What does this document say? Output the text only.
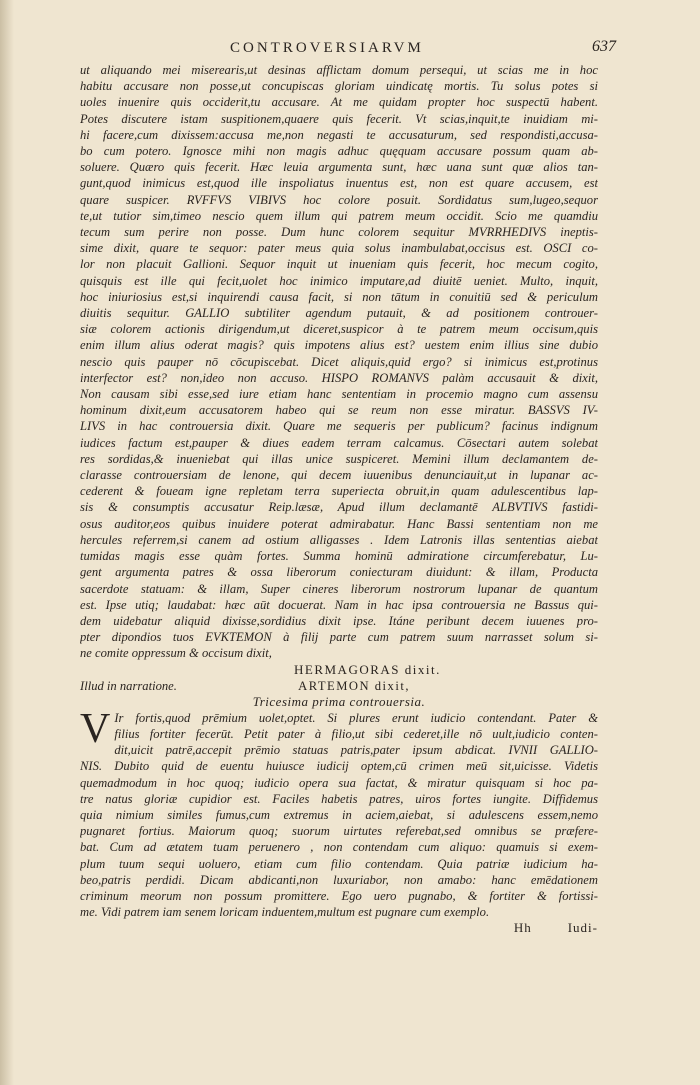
CONTROVERSIARVM	637
ut aliquando mei miserearis,ut desinas afflictam domum persequi, ut scias me in hoc
habitu accusare non posse,ut concupiscas gloriam uindicatę mortis. Tu solus potes si
uoles inuenire quis occiderit,tu accusare. At me quidam propter hoc suspectū habent.
Potes discutere istam suspitionem,quaere quis fecerit. Vt scias,inquit,te inuidiam mi-
hi facere,cum dixissem:accusa me,non negasti te accusaturum, sed respondisti,accusa-
bo cum potero. Ignosce mihi non magis adhuc quęquam accusare possum quam ab-
soluere. Quæro quis fecerit. Hæc leuia argumenta sunt, hæc uana sunt quæ alios tan-
gunt,quod inimicus est,quod ille inspoliatus inuentus est, non est quare accusem, est
quare suspicer. RVFFVS VIBIVS hoc colore posuit. Sordidatus sum,lugeo,sequor
te,ut tutior sim,timeo nescio quem illum qui patrem meum occidit. Scio me quamdiu
tecum sum perire non posse. Dum hunc colorem sequitur MVRRHEDIVS ineptis-
sime dixit, quare te sequor: pater meus quia solus inambulabat,occisus est. OSCI co-
lor non placuit Gallioni. Sequor inquit ut inueniam quis fecerit, hoc mecum cogito,
quisquis est ille qui fecit,uolet hoc inimico imputare,ad diuitē ueniet. Multo, inquit,
hoc iniuriosius est,si inquirendi causa facit, si non tātum in conuitiū sed & periculum
diuitis sequitur. GALLIO subtiliter agendum putauit, & ad positionem controuer-
siæ colorem actionis dirigendum,ut diceret,suspicor à te patrem meum occisum,quis
enim illum alius oderat magis? quis impotens alius est? uestem enim illius sine dubio
nescio quis pauper nō cōcupiscebat. Dicet aliquis,quid ergo? si inimicus est,protinus
interfector est? non,ideo non accuso. HISPO ROMANVS palàm accusauit & dixit,
Non causam sibi esse,sed iure etiam hanc sententiam in procemio magno cum assensu
hominum dixit,eum accusatorem habeo qui se reum non esse miratur. BASSVS IV-
LIVS in hac controuersia dixit. Quare me sequeris per publicum? facinus indignum
iudices factum est,pauper & diues eadem terram calcamus. Cōsectari autem solebat
res sordidas,& inueniebat qui illas unice suspiceret. Memini illum declamantem de-
clarasse controuersiam de lenone, qui decem iuuenibus denunciauit,ut in lupanar ac-
cederent & foueam igne repletam terra superiecta obruit,in quam adulescentibus lap-
sis & consumptis accusatur Reip.læsæ, Apud illum declamantē ALBVTIVS fastidi-
osus auditor,eos quibus inuidere poterat admirabatur. Hanc Bassi sententiam non me
hercules referrem,si canem ad ostium alligasses . Idem Latronis illas sententias aiebat
tumidas magis esse quàm fortes. Summa hominū admiratione circumferebatur, Lu-
gent argumenta patres & ossa liberorum coniecturam diuidunt: & illam, Producta
sacerdote statuam: & illam, Super cineres liberorum nostrorum lupanar de quantum
est. Ipse utiq; laudabat: hæc aūt docuerat. Nam in hac ipsa controuersia ne Bassus qui-
dem uidebatur aliquid dixisse,sordidius dixit ipse. Itáne peribunt decem iuuenes pro-
pter dipondios tuos EVKTEMON à filij parte cum patrem suum narrasset solum si-
ne comite oppressum & occisum dixit,
HERMAGORAS dixit.
Illud in narratione.	ARTEMON dixit,
Tricesima prima controuersia.
V Ir fortis,quod prēmium uolet,optet. Si plures erunt iudicio contendant. Pater &
filius fortiter fecerūt. Petit pater à filio,ut sibi cederet,ille nō uult,iudicio conten-
dit,uicit patrē,accepit prēmio statuas patris,pater ipsum abdicat. IVNII GALLIO-
NIS. Dubito quid de euentu huiusce iudicij optem,cū crimen meū sit,uicisse. Videtis
quemadmodum in hoc quoq; iudicio opera sua factat, & miratur quisquam si hoc pa-
tre natus gloriæ cupidior est. Faciles habetis patres, uiros fortes iungite. Diffidemus
quia nimium similes fumus,cum extremus in aciem,aiebat, si adulescens essem,nemo
pugnaret fortius. Maiorum quoq; suorum uirtutes referebat,sed omnibus se præfere-
bat. Cum ad ætatem tuam peruenero , non contendam cum aliquo: quamuis si exem-
plum tuum sequi uoluero, etiam cum filio contendam. Quia patriæ iudicium ha-
beo,patris perdidi. Dicam abdicanti,non luxuriabor, non amabo: hanc emēdationem
criminum meorum non possum promittere. Ego uero pugnabo, & fortiter & fortissi-
me. Vidi patrem iam senem loricam induentem,multum est pugnare cum exemplo.
Hh	Iudi-
